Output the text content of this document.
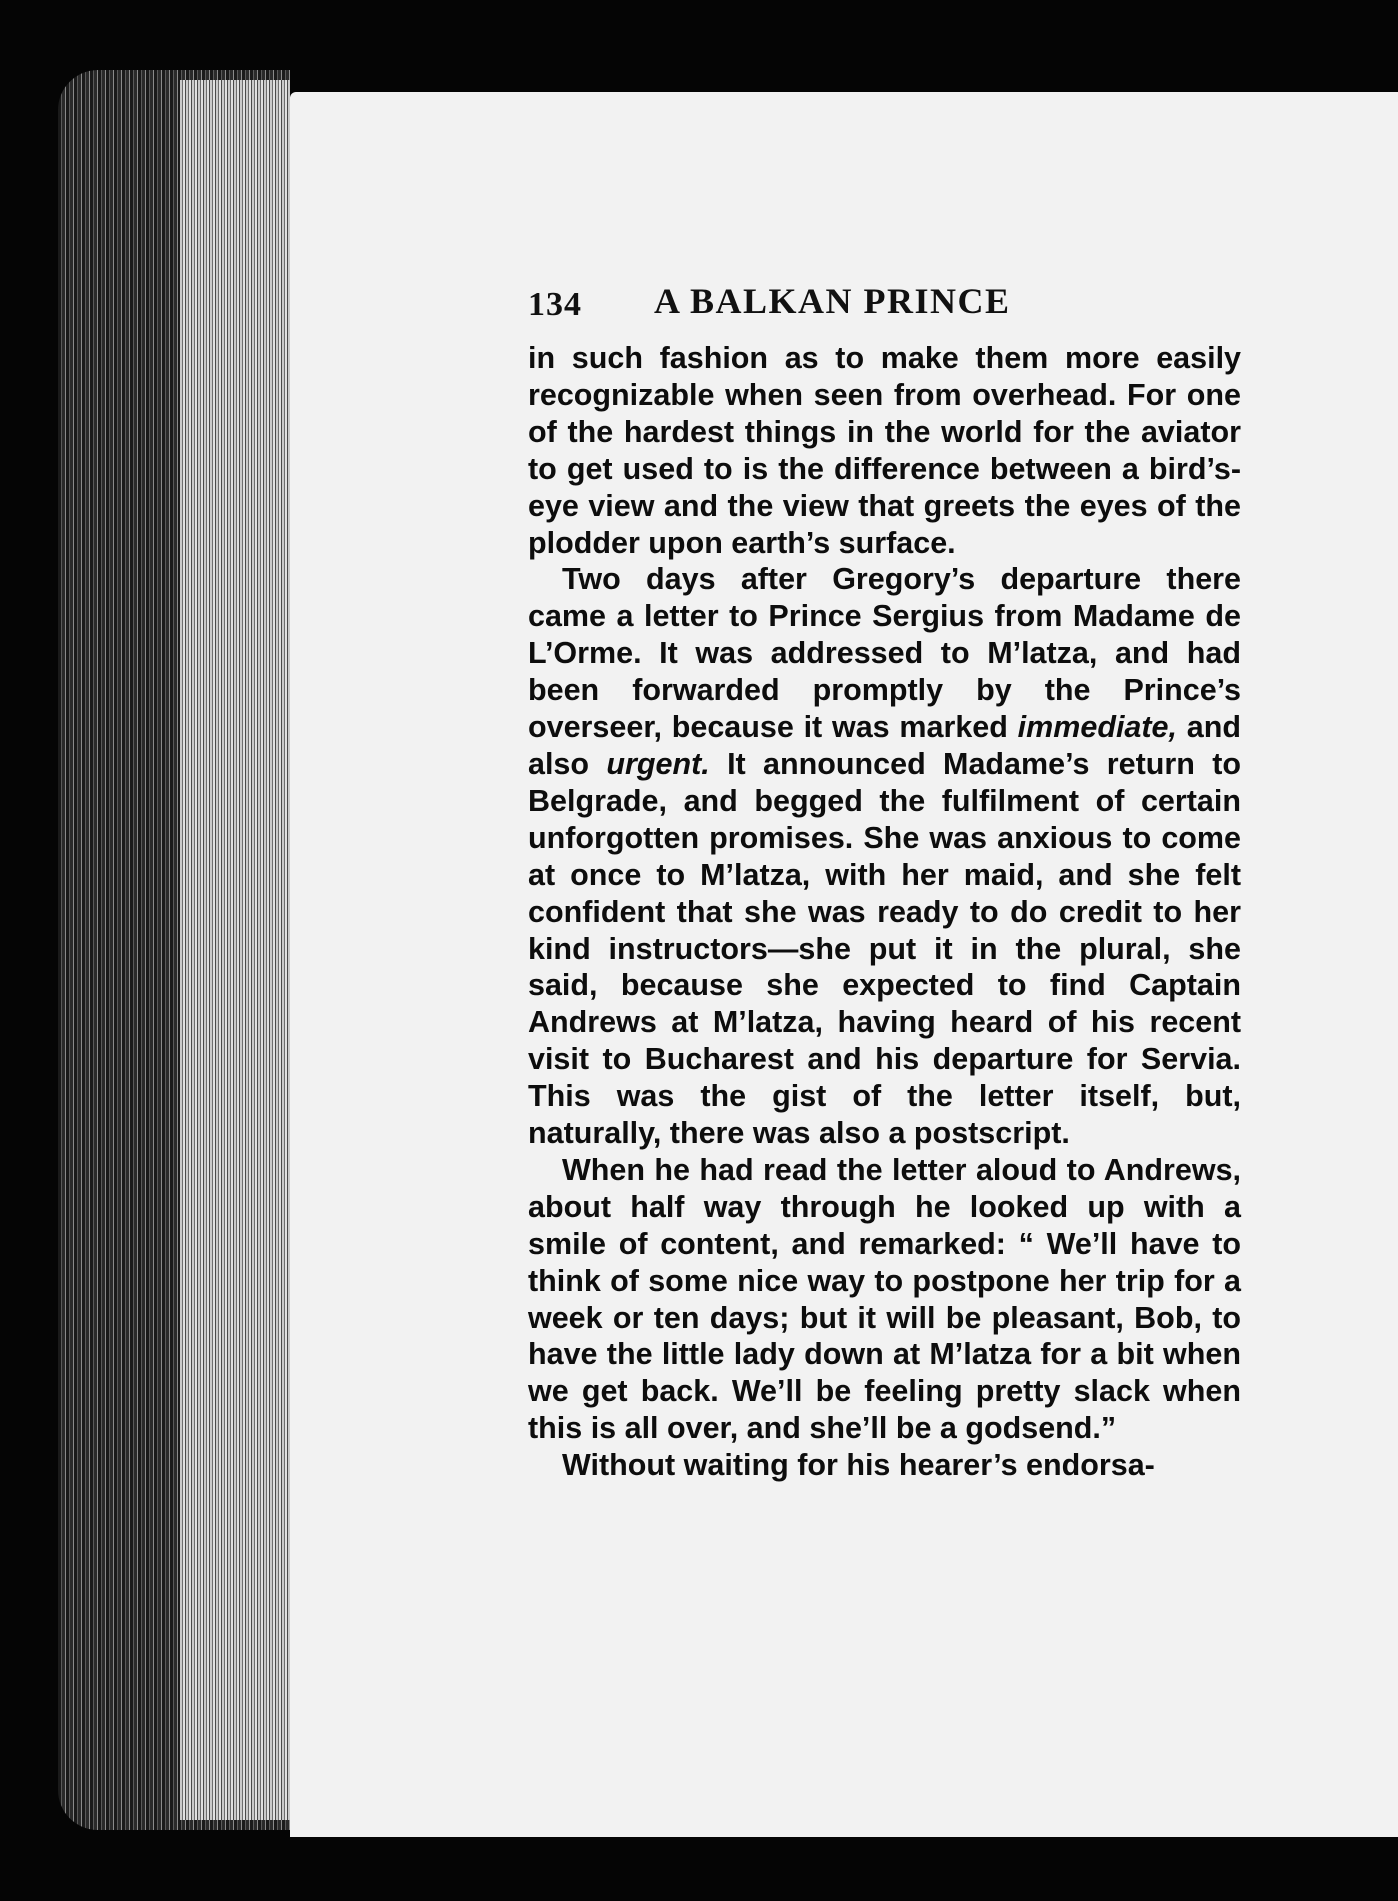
134 A BALKAN PRINCE

in such fashion as to make them more easily recognizable when seen from overhead. For one of the hardest things in the world for the aviator to get used to is the difference between a bird’s-eye view and the view that greets the eyes of the plodder upon earth’s surface.

Two days after Gregory’s departure there came a letter to Prince Sergius from Madame de L’Orme. It was addressed to M’latza, and had been forwarded promptly by the Prince’s overseer, because it was marked immediate, and also urgent. It announced Madame’s return to Belgrade, and begged the fulfilment of certain unforgotten promises. She was anxious to come at once to M’latza, with her maid, and she felt confident that she was ready to do credit to her kind instructors—she put it in the plural, she said, because she expected to find Captain Andrews at M’latza, having heard of his recent visit to Bucharest and his departure for Servia. This was the gist of the letter itself, but, naturally, there was also a postscript.

When he had read the letter aloud to Andrews, about half way through he looked up with a smile of content, and remarked: “ We’ll have to think of some nice way to postpone her trip for a week or ten days; but it will be pleasant, Bob, to have the little lady down at M’latza for a bit when we get back. We’ll be feeling pretty slack when this is all over, and she’ll be a godsend.”

Without waiting for his hearer’s endorsa-
